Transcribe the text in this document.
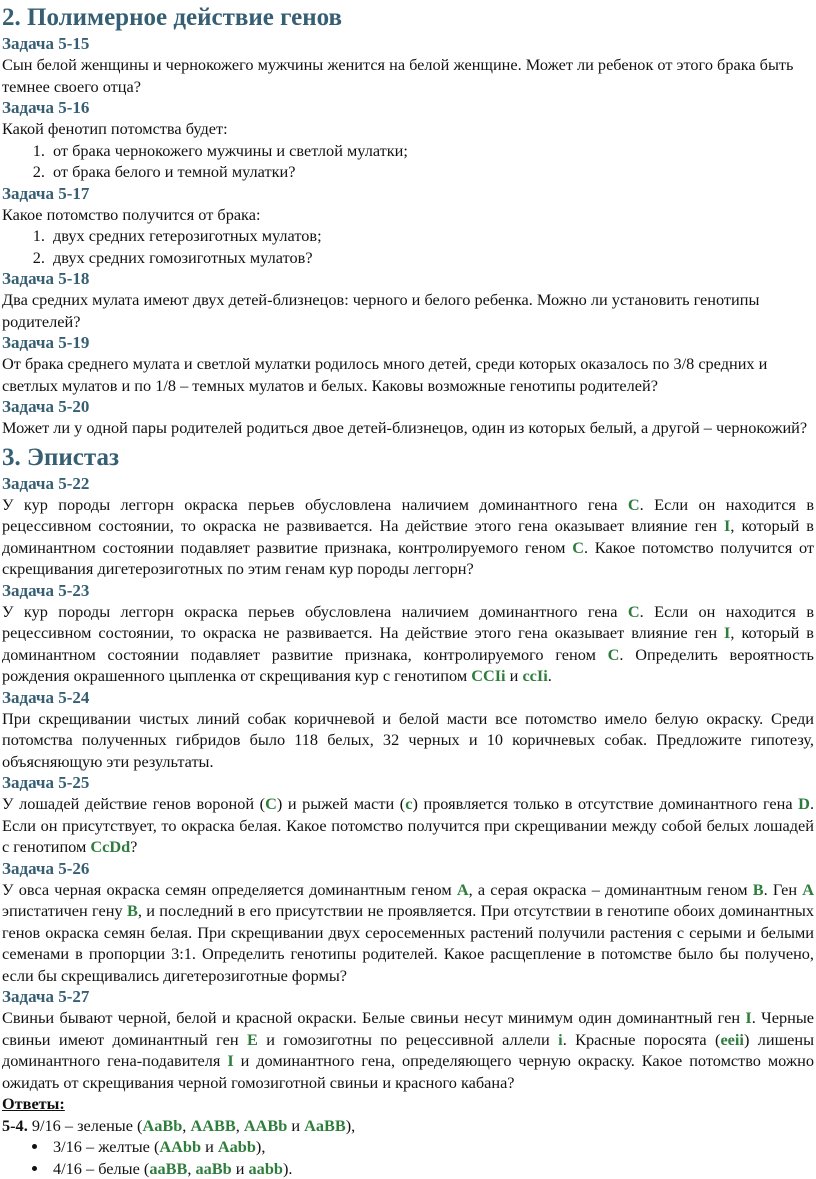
2. Полимерное действие генов
Задача 5-15

Сын белой женщины и чернокожего мужчины женится на белой женщине. Может ли ребенок от этого брака быть темнее своего отца?

Задача 5-16

Какой фенотип потомства будет:

1. от брака чернокожего мужчины и светлой мулатки;
2. от брака белого и темной мулатки?
Задача 5-17

Какое потомство получится от брака:

1. двух средних гетерозиготных мулатов;
2. двух средних гомозиготных мулатов?
Задача 5-18

Два средних мулата имеют двух детей-близнецов: черного и белого ребенка. Можно ли установить генотипы родителей?

Задача 5-19

От брака среднего мулата и светлой мулатки родилось много детей, среди которых оказалось по 3/8 средних и светлых мулатов и по 1/8 – темных мулатов и белых. Каковы возможные генотипы родителей?

Задача 5-20

Может ли у одной пары родителей родиться двое детей-близнецов, один из которых белый, а другой – чернокожий?

3. Эпистаз
Задача 5-22

У кур породы леггорн окраска перьев обусловлена наличием доминантного гена С. Если он находится в рецессивном состоянии, то окраска не развивается. На действие этого гена оказывает влияние ген I, который в доминантном состоянии подавляет развитие признака, контролируемого геном С. Какое потомство получится от скрещивания дигетерозиготных по этим генам кур породы леггорн?

Задача 5-23

У кур породы леггорн окраска перьев обусловлена наличием доминантного гена С. Если он находится в рецессивном состоянии, то окраска не развивается. На действие этого гена оказывает влияние ген I, который в доминантном состоянии подавляет развитие признака, контролируемого геном С. Определить вероятность рождения окрашенного цыпленка от скрещивания кур с генотипом CCIi и ccIi.

Задача 5-24

При скрещивании чистых линий собак коричневой и белой масти все потомство имело белую окраску. Среди потомства полученных гибридов было 118 белых, 32 черных и 10 коричневых собак. Предложите гипотезу, объясняющую эти результаты.

Задача 5-25

У лошадей действие генов вороной (С) и рыжей масти (с) проявляется только в отсутствие доминантного гена D. Если он присутствует, то окраска белая. Какое потомство получится при скрещивании между собой белых лошадей с генотипом CcDd?

Задача 5-26

У овса черная окраска семян определяется доминантным геном А, а серая окраска – доминантным геном В. Ген А эпистатичен гену В, и последний в его присутствии не проявляется. При отсутствии в генотипе обоих доминантных генов окраска семян белая. При скрещивании двух серосеменных растений получили растения с серыми и белыми семенами в пропорции 3:1. Определить генотипы родителей. Какое расщепление в потомстве было бы получено, если бы скрещивались дигетерозиготные формы?

Задача 5-27

Свиньи бывают черной, белой и красной окраски. Белые свиньи несут минимум один доминантный ген I. Черные свиньи имеют доминантный ген Е и гомозиготны по рецессивной аллели i. Красные поросята (eeii) лишены доминантного гена-подавителя I и доминантного гена, определяющего черную окраску. Какое потомство можно ожидать от скрещивания черной гомозиготной свиньи и красного кабана?

Ответы:

5-4. 9/16 – зеленые (AaBb, AABB, AABb и AaBB),

• 3/16 – желтые (AAbb и Aabb),
• 4/16 – белые (aaBB, aaBb и aabb).
